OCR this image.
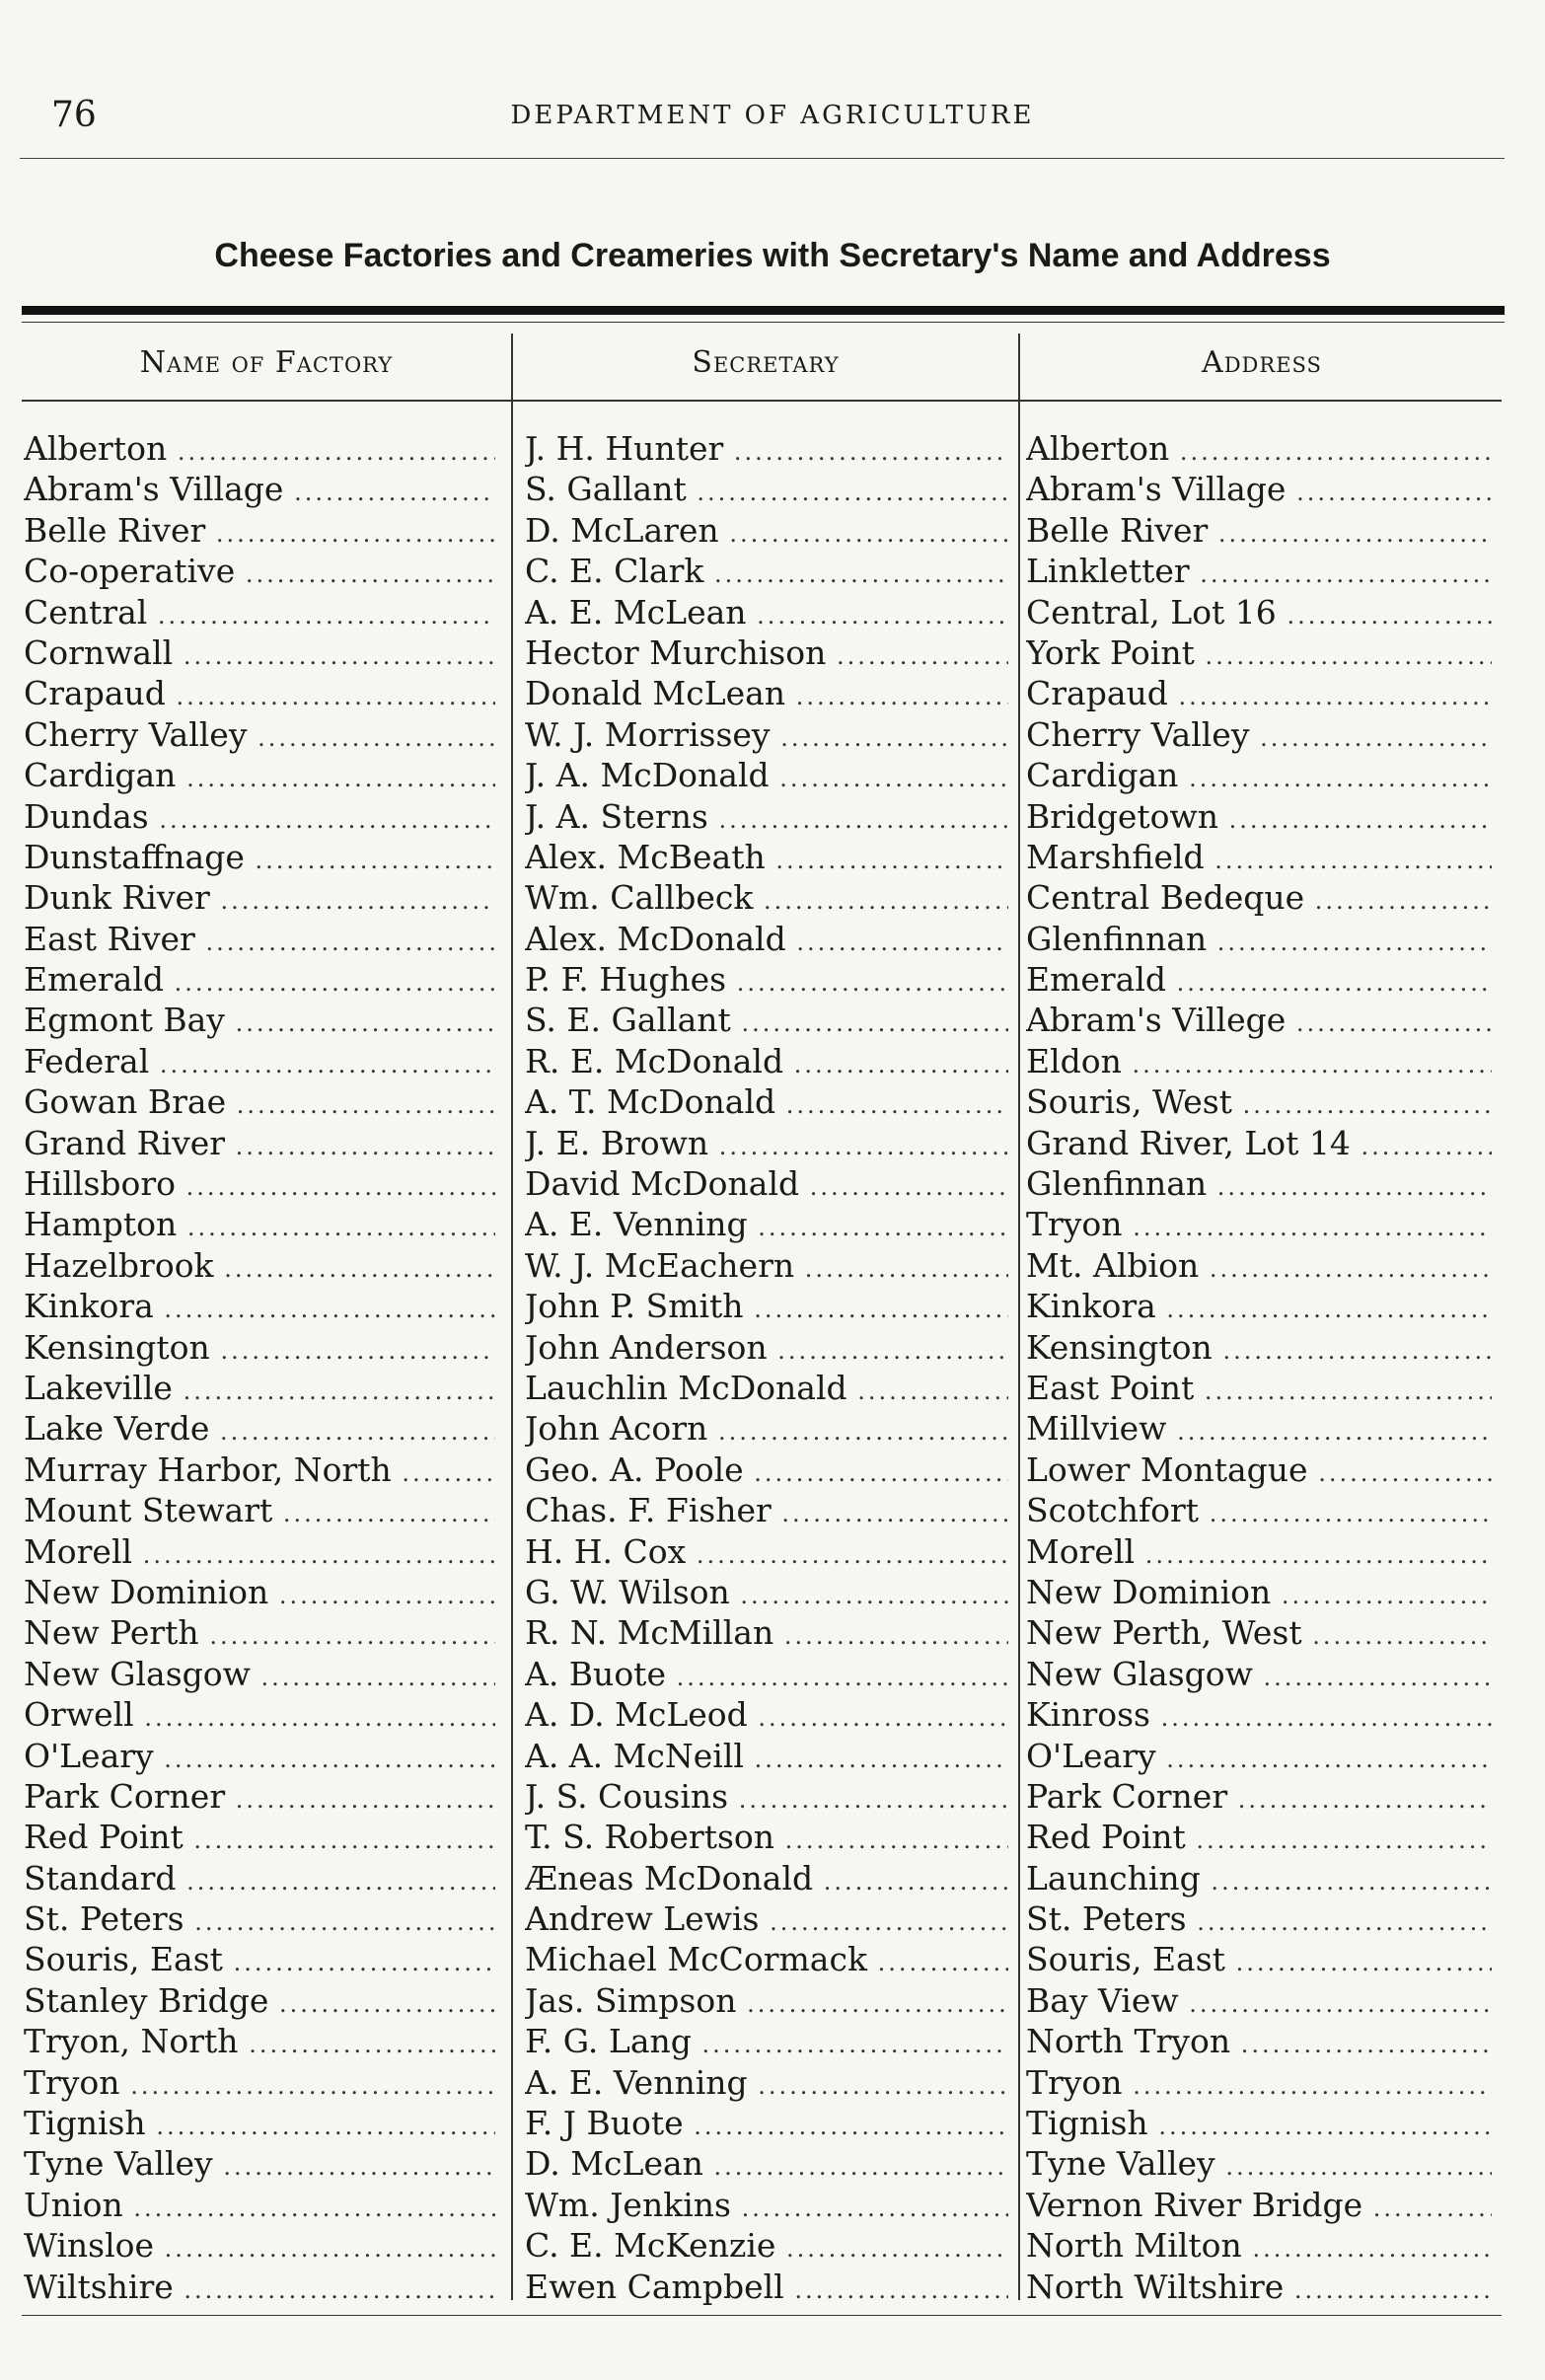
76	DEPARTMENT OF AGRICULTURE
Cheese Factories and Creameries with Secretary's Name and Address
Name of Factory	Secretary	Address
Alberton .....	J. H. Hunter .....	Alberton .....
Abram's Village .....	S. Gallant .....	Abram's Village .....
Belle River .....	D. McLaren .....	Belle River .....
Co-operative .....	C. E. Clark .....	Linkletter .....
Central .....	A. E. McLean .....	Central, Lot 16 .....
Cornwall .....	Hector Murchison .....	York Point .....
Crapaud .....	Donald McLean .....	Crapaud .....
Cherry Valley .....	W. J. Morrissey .....	Cherry Valley .....
Cardigan .....	J. A. McDonald .....	Cardigan .....
Dundas .....	J. A. Sterns .....	Bridgetown .....
Dunstaffnage .....	Alex. McBeath .....	Marshfield .....
Dunk River .....	Wm. Callbeck .....	Central Bedeque .....
East River .....	Alex. McDonald .....	Glenfinnan .....
Emerald .....	P. F. Hughes .....	Emerald .....
Egmont Bay .....	S. E. Gallant .....	Abram's Villege .....
Federal .....	R. E. McDonald .....	Eldon .....
Gowan Brae .....	A. T. McDonald .....	Souris, West .....
Grand River .....	J. E. Brown .....	Grand River, Lot 14 .....
Hillsboro .....	David McDonald .....	Glenfinnan .....
Hampton .....	A. E. Venning .....	Tryon .....
Hazelbrook .....	W. J. McEachern .....	Mt. Albion .....
Kinkora .....	John P. Smith .....	Kinkora .....
Kensington .....	John Anderson .....	Kensington .....
Lakeville .....	Lauchlin McDonald .....	East Point .....
Lake Verde .....	John Acorn .....	Millview .....
Murray Harbor, North .....	Geo. A. Poole .....	Lower Montague .....
Mount Stewart .....	Chas. F. Fisher .....	Scotchfort .....
Morell .....	H. H. Cox .....	Morell .....
New Dominion .....	G. W. Wilson .....	New Dominion .....
New Perth .....	R. N. McMillan .....	New Perth, West .....
New Glasgow .....	A. Buote .....	New Glasgow .....
Orwell .....	A. D. McLeod .....	Kinross .....
O'Leary .....	A. A. McNeill .....	O'Leary .....
Park Corner .....	J. S. Cousins .....	Park Corner .....
Red Point .....	T. S. Robertson .....	Red Point .....
Standard .....	Æneas McDonald .....	Launching .....
St. Peters .....	Andrew Lewis .....	St. Peters .....
Souris, East .....	Michael McCormack .....	Souris, East .....
Stanley Bridge .....	Jas. Simpson .....	Bay View .....
Tryon, North .....	F. G. Lang .....	North Tryon .....
Tryon .....	A. E. Venning .....	Tryon .....
Tignish .....	F. J Buote .....	Tignish .....
Tyne Valley .....	D. McLean .....	Tyne Valley .....
Union .....	Wm. Jenkins .....	Vernon River Bridge .....
Winsloe .....	C. E. McKenzie .....	North Milton .....
Wiltshire .....	Ewen Campbell .....	North Wiltshire .....
